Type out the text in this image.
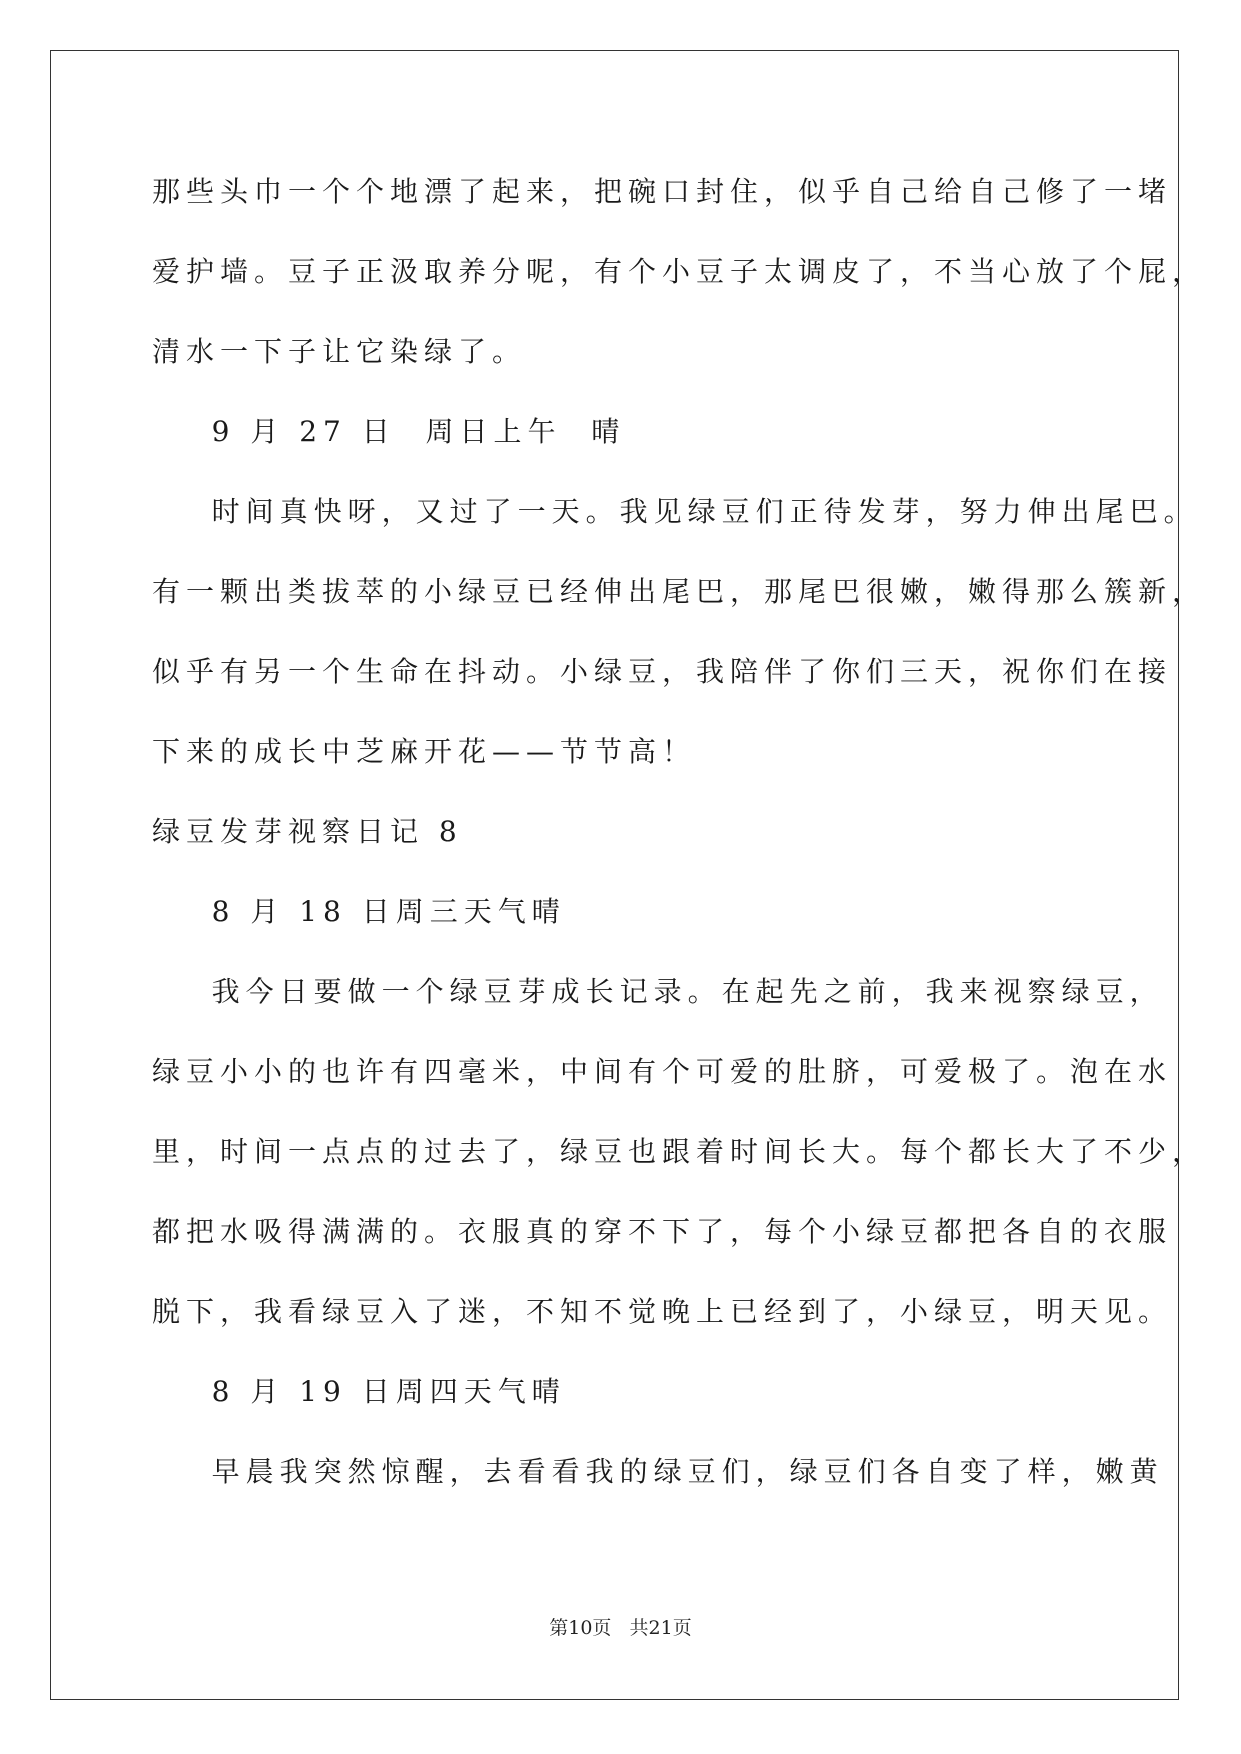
那些头巾一个个地漂了起来，把碗口封住，似乎自己给自己修了一堵
爱护墙。豆子正汲取养分呢，有个小豆子太调皮了，不当心放了个屁，
清水一下子让它染绿了。
9 月 27 日  周日上午  晴
时间真快呀，又过了一天。我见绿豆们正待发芽，努力伸出尾巴。
有一颗出类拔萃的小绿豆已经伸出尾巴，那尾巴很嫩，嫩得那么簇新，
似乎有另一个生命在抖动。小绿豆，我陪伴了你们三天，祝你们在接
下来的成长中芝麻开花——节节高！
绿豆发芽视察日记 8
8 月 18 日周三天气晴
我今日要做一个绿豆芽成长记录。在起先之前，我来视察绿豆，
绿豆小小的也许有四毫米，中间有个可爱的肚脐，可爱极了。泡在水
里，时间一点点的过去了，绿豆也跟着时间长大。每个都长大了不少，
都把水吸得满满的。衣服真的穿不下了，每个小绿豆都把各自的衣服
脱下，我看绿豆入了迷，不知不觉晚上已经到了，小绿豆，明天见。
8 月 19 日周四天气晴
早晨我突然惊醒，去看看我的绿豆们，绿豆们各自变了样，嫩黄
第10页   共21页
